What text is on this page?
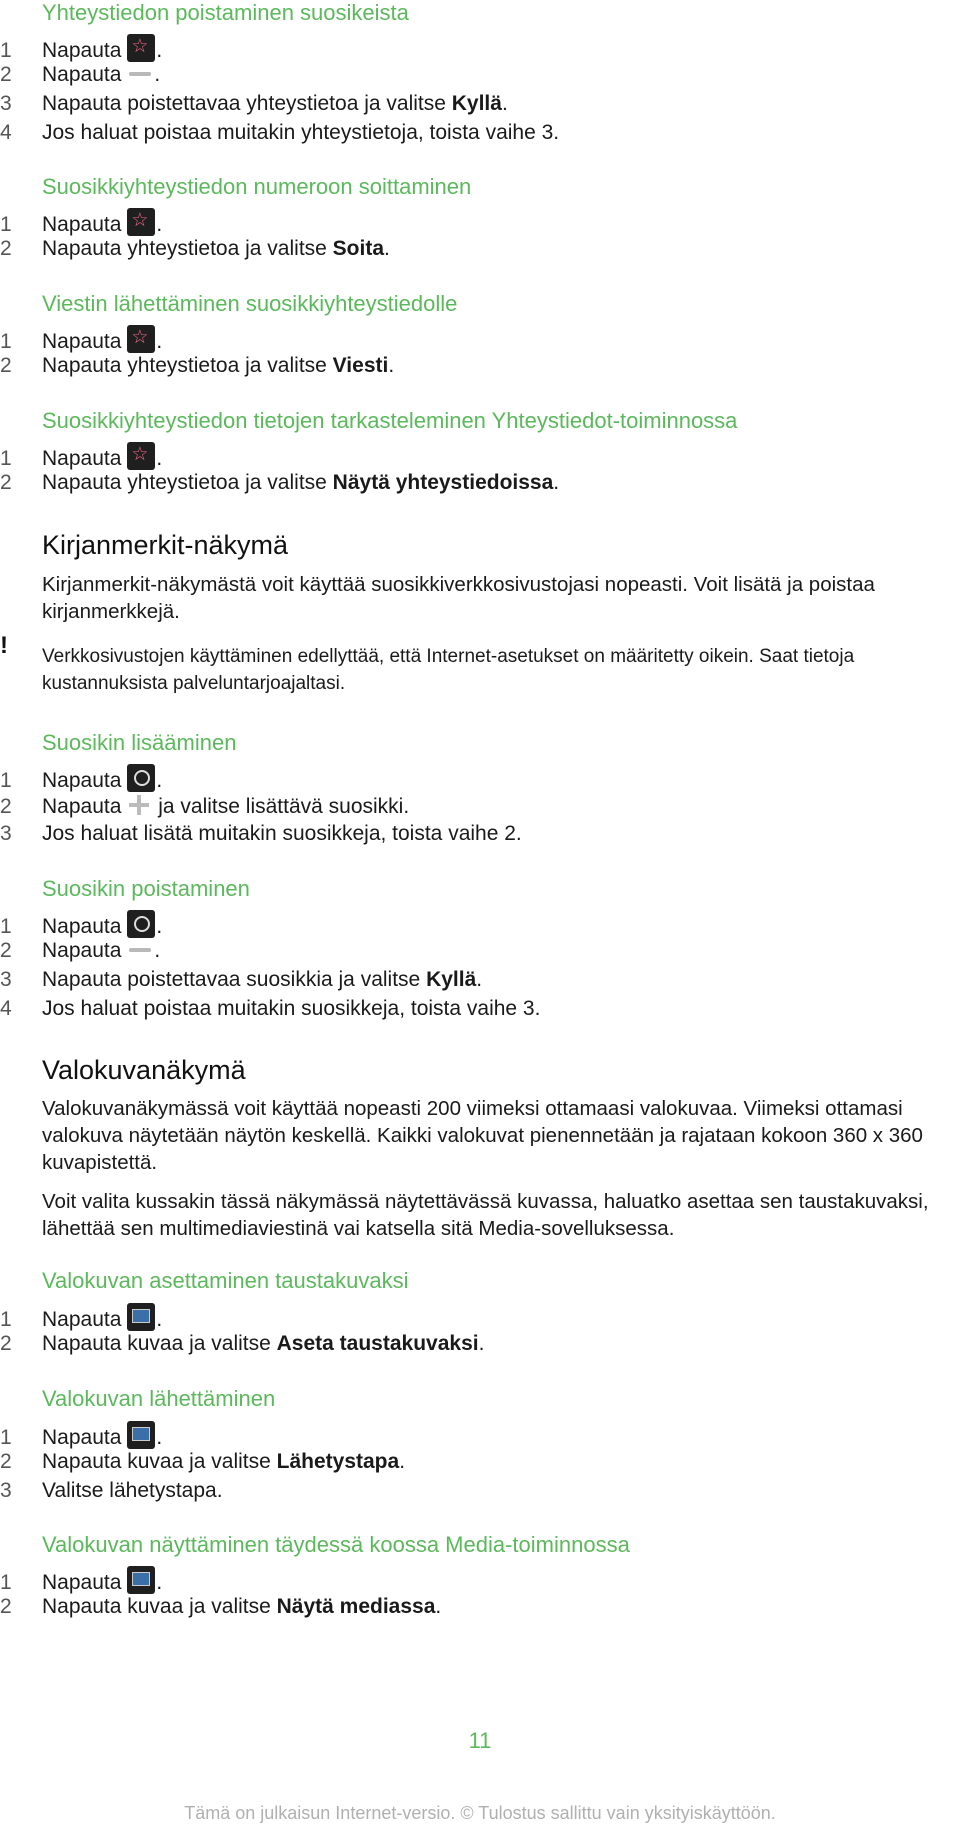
Yhteystiedon poistaminen suosikeista
1 Napauta ☆ .
2 Napauta .
3 Napauta poistettavaa yhteystietoa ja valitse Kyllä.
4 Jos haluat poistaa muitakin yhteystietoja, toista vaihe 3.
Suosikkiyhteystiedon numeroon soittaminen
1 Napauta ☆ .
2 Napauta yhteystietoa ja valitse Soita.
Viestin lähettäminen suosikkiyhteystiedolle
1 Napauta ☆ .
2 Napauta yhteystietoa ja valitse Viesti.
Suosikkiyhteystiedon tietojen tarkasteleminen Yhteystiedot-toiminnossa
1 Napauta ☆ .
2 Napauta yhteystietoa ja valitse Näytä yhteystiedoissa.
Kirjanmerkit-näkymä
Kirjanmerkit-näkymästä voit käyttää suosikkiverkkosivustojasi nopeasti. Voit lisätä ja poistaa kirjanmerkkejä.
! Verkkosivustojen käyttäminen edellyttää, että Internet-asetukset on määritetty oikein. Saat tietoja kustannuksista palveluntarjoajaltasi.
Suosikin lisääminen
1 Napauta .
2 Napauta ja valitse lisättävä suosikki.
3 Jos haluat lisätä muitakin suosikkeja, toista vaihe 2.
Suosikin poistaminen
1 Napauta .
2 Napauta .
3 Napauta poistettavaa suosikkia ja valitse Kyllä.
4 Jos haluat poistaa muitakin suosikkeja, toista vaihe 3.
Valokuvanäkymä
Valokuvanäkymässä voit käyttää nopeasti 200 viimeksi ottamaasi valokuvaa. Viimeksi ottamasi valokuva näytetään näytön keskellä. Kaikki valokuvat pienennetään ja rajataan kokoon 360 x 360 kuvapistettä.
Voit valita kussakin tässä näkymässä näytettävässä kuvassa, haluatko asettaa sen taustakuvaksi, lähettää sen multimediaviestinä vai katsella sitä Media-sovelluksessa.
Valokuvan asettaminen taustakuvaksi
1 Napauta .
2 Napauta kuvaa ja valitse Aseta taustakuvaksi.
Valokuvan lähettäminen
1 Napauta .
2 Napauta kuvaa ja valitse Lähetystapa.
3 Valitse lähetystapa.
Valokuvan näyttäminen täydessä koossa Media-toiminnossa
1 Napauta .
2 Napauta kuvaa ja valitse Näytä mediassa.
11
Tämä on julkaisun Internet-versio. © Tulostus sallittu vain yksityiskäyttöön.
